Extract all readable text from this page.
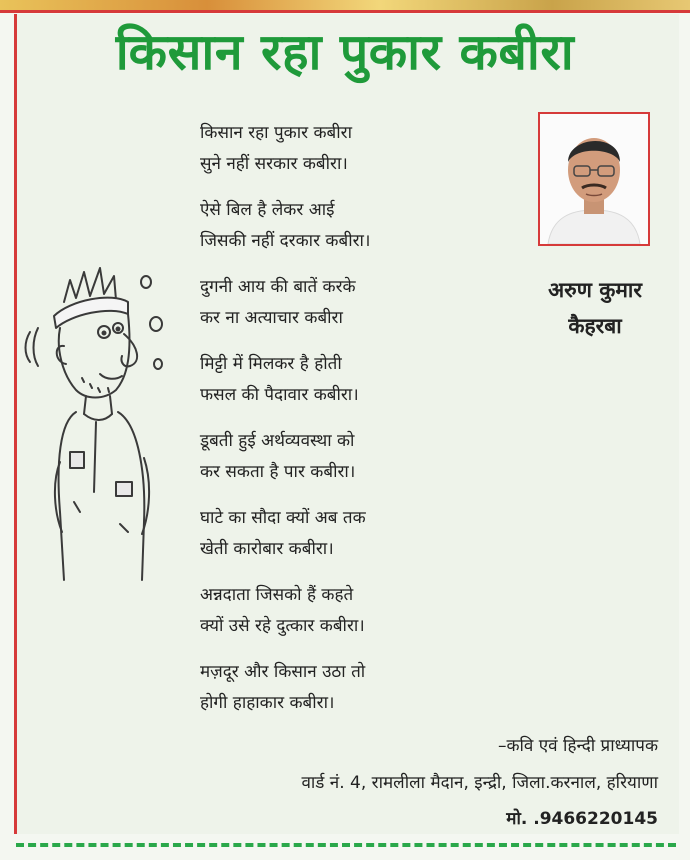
किसान रहा पुकार कबीरा

किसान रहा पुकार कबीरा
सुने नहीं सरकार कबीरा।

ऐसे बिल है लेकर आई
जिसकी नहीं दरकार कबीरा।

दुगनी आय की बातें करके
कर ना अत्याचार कबीरा

मिट्टी में मिलकर है होती
फसल की पैदावार कबीरा।

डूबती हुई अर्थव्यवस्था को
कर सकता है पार कबीरा।

घाटे का सौदा क्यों अब तक
खेती कारोबार कबीरा।

अन्नदाता जिसको हैं कहते
क्यों उसे रहे दुत्कार कबीरा।

मज़दूर और किसान उठा तो
होगी हाहाकार कबीरा।

अरुण कुमार
कैहरबा
–कवि एवं हिन्दी प्राध्यापक
वार्ड नं. 4, रामलीला मैदान, इन्द्री, जिला.करनाल, हरियाणा
मो. .9466220145
